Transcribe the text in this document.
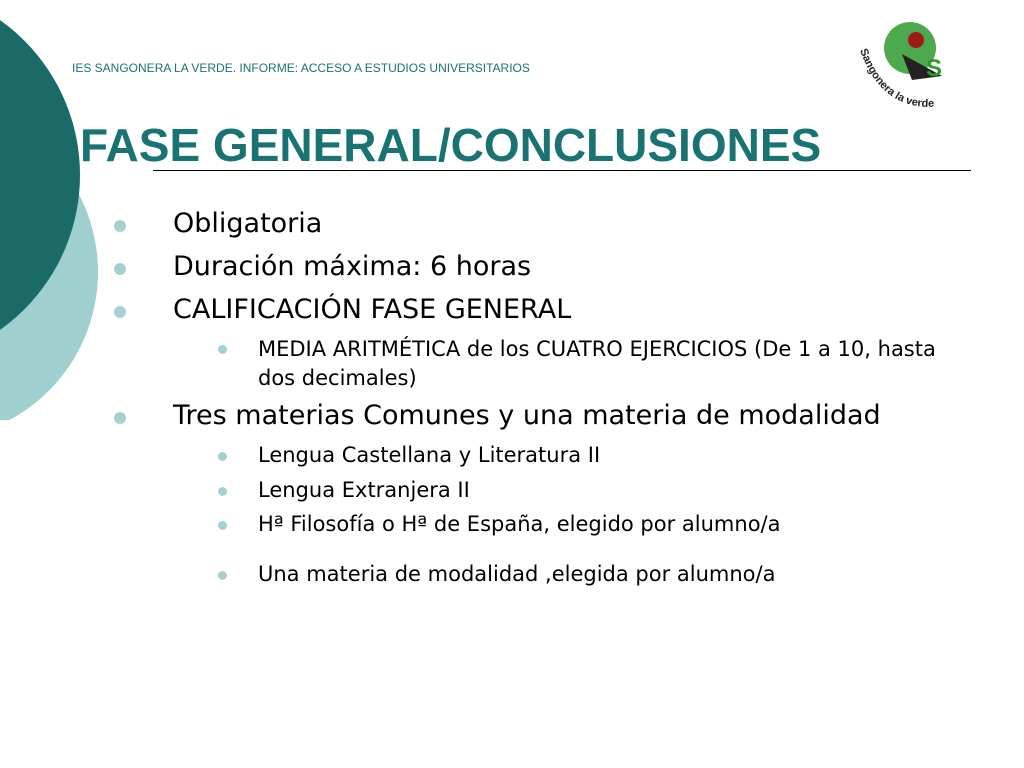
IES SANGONERA LA VERDE. INFORME: ACCESO A ESTUDIOS UNIVERSITARIOS	S
Sangonera la verde
FASE GENERAL/CONCLUSIONES

Obligatoria

Duración máxima: 6 horas

CALIFICACIÓN FASE GENERAL

MEDIA ARITMÉTICA de los CUATRO EJERCICIOS (De 1 a 10, hasta dos decimales)

Tres materias Comunes y una materia de modalidad

Lengua Castellana y Literatura II

Lengua Extranjera II

Hª Filosofía o Hª de España, elegido por alumno/a

Una materia de modalidad ,elegida por alumno/a
